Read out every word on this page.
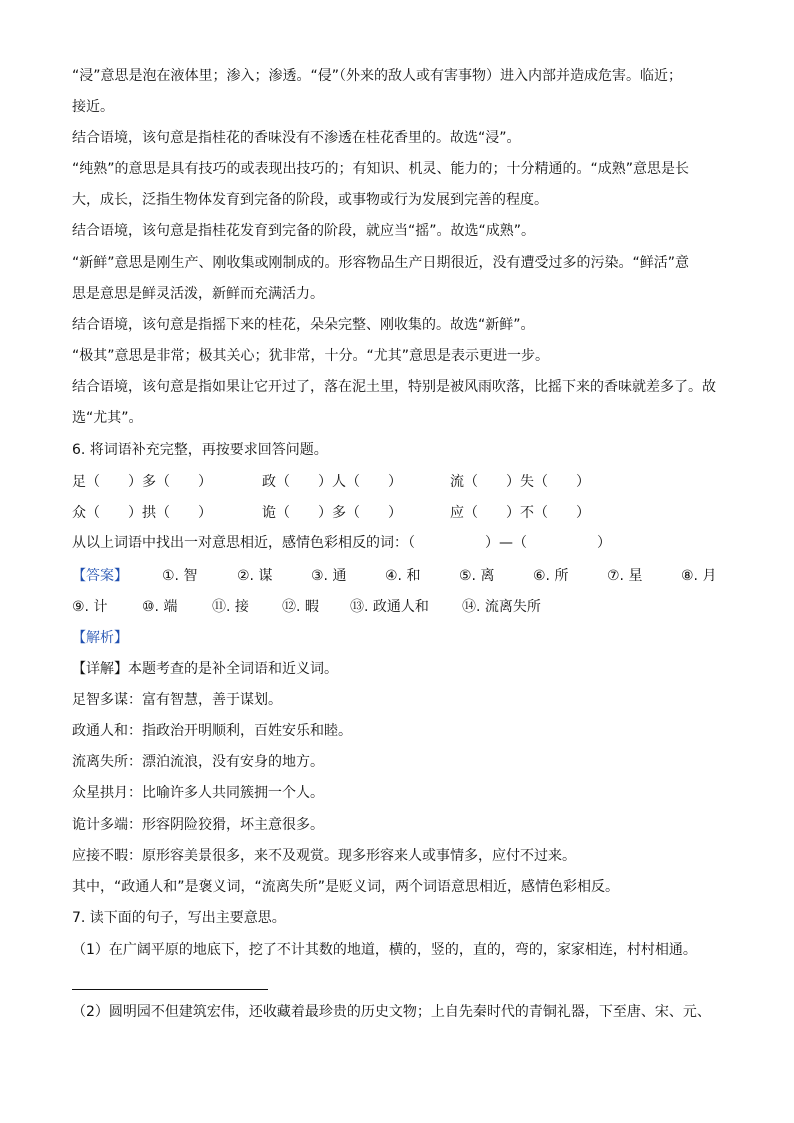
“浸”意思是泡在液体里；渗入；渗透。“侵”（外来的敌人或有害事物）进入内部并造成危害。临近；
接近。
结合语境，该句意是指桂花的香味没有不渗透在桂花香里的。故选“浸”。
“纯熟”的意思是具有技巧的或表现出技巧的；有知识、机灵、能力的；十分精通的。“成熟”意思是长
大，成长，泛指生物体发育到完备的阶段，或事物或行为发展到完善的程度。
结合语境，该句意是指桂花发育到完备的阶段，就应当“摇”。故选“成熟”。
“新鲜”意思是刚生产、刚收集或刚制成的。形容物品生产日期很近，没有遭受过多的污染。“鲜活”意
思是意思是鲜灵活泼，新鲜而充满活力。
结合语境，该句意是指摇下来的桂花，朵朵完整、刚收集的。故选“新鲜”。
“极其”意思是非常；极其关心；犹非常，十分。“尤其”意思是表示更进一步。
结合语境，该句意是指如果让它开过了，落在泥土里，特别是被风雨吹落，比摇下来的香味就差多了。故
选“尤其”。
6. 将词语补充完整，再按要求回答问题。
足（　　）多（　　）	政（　　）人（　　）	流（　　）失（　　）
众（　　）拱（　　）	诡（　　）多（　　）	应（　　）不（　　）
从以上词语中找出一对意思相近，感情色彩相反的词：（　　　　　）—（　　　　　）
【答案】 ①. 智	②. 谋	③. 通	④. 和	⑤. 离	⑥. 所	⑦. 星	⑧. 月
⑨. 计 ⑩. 端 ⑪. 接 ⑫. 暇 ⑬. 政通人和 ⑭. 流离失所
【解析】
【详解】本题考查的是补全词语和近义词。
足智多谋：富有智慧，善于谋划。
政通人和：指政治开明顺利，百姓安乐和睦。
流离失所：漂泊流浪，没有安身的地方。
众星拱月：比喻许多人共同簇拥一个人。
诡计多端：形容阴险狡猾，坏主意很多。
应接不暇：原形容美景很多，来不及观赏。现多形容来人或事情多，应付不过来。
其中，“政通人和”是褒义词，“流离失所”是贬义词，两个词语意思相近，感情色彩相反。
7. 读下面的句子，写出主要意思。
（1）在广阔平原的地底下，挖了不计其数的地道，横的，竖的，直的，弯的，家家相连，村村相通。
（2）圆明园不但建筑宏伟，还收藏着最珍贵的历史文物；上自先秦时代的青铜礼器，下至唐、宋、元、
